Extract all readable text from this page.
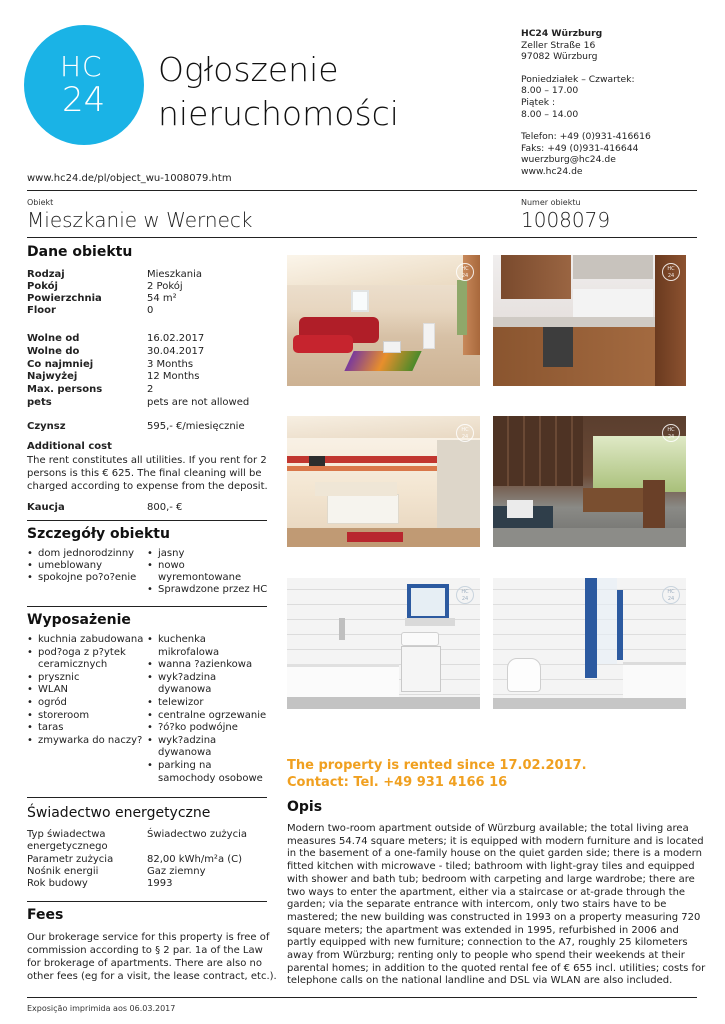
HC
24
Ogłoszenie
nieruchomości
HC24 Würzburg
Zeller Straße 16
97082 Würzburg
Poniedziałek – Czwartek:
8.00 – 17.00
Piątek :
8.00 – 14.00
Telefon: +49 (0)931-416616
Faks: +49 (0)931-416644
wuerzburg@hc24.de
www.hc24.de
www.hc24.de/pl/object_wu-1008079.htm
Obiekt	Numer obiektu
Mieszkanie w Werneck	1008079
Dane obiektu
Rodzaj	Mieszkania
Pokój	2 Pokój
Powierzchnia	54 m²
Floor	0
Wolne od	16.02.2017
Wolne do	30.04.2017
Co najmniej	3 Months
Najwyżej	12 Months
Max. persons	2
pets	pets are not allowed
Czynsz	595,- €/miesięcznie
Additional cost
The rent constitutes all utilities. If you rent for 2
persons is this € 625. The final cleaning will be
charged according to expense from the deposit.
Kaucja	800,- €
Szczegóły obiektu
• dom jednorodzinny
• umeblowany
• spokojne po?o?enie
• jasny
• nowo wyremontowane
• Sprawdzone przez HC
Wyposażenie
• kuchnia zabudowana
• pod?oga z p?ytek ceramicznych
• prysznic
• WLAN
• ogród
• storeroom
• taras
• zmywarka do naczy?
• kuchenka mikrofalowa
• wanna ?azienkowa
• wyk?adzina dywanowa
• telewizor
• centralne ogrzewanie
• ?ó?ko podwójne
• wyk?adzina dywanowa
• parking na samochody osobowe
Świadectwo energetyczne
Typ świadectwa	Świadectwo zużycia
energetycznego
Parametr zużycia	82,00 kWh/m²a (C)
Nośnik energii	Gaz ziemny
Rok budowy	1993
Fees
Our brokerage service for this property is free of
commission according to § 2 par. 1a of the Law
for brokerage of apartments. There are also no
other fees (eg for a visit, the lease contract, etc.).
HC
24
HC
24
HC
24
HC
24
HC
24
HC
24
The property is rented since 17.02.2017.
Contact: Tel. +49 931 4166 16
Opis
Modern two-room apartment outside of Würzburg available; the total living area
measures 54.74 square meters; it is equipped with modern furniture and is located
in the basement of a one-family house on the quiet garden side; there is a modern
fitted kitchen with microwave - tiled; bathroom with light-gray tiles and equipped
with shower and bath tub; bedroom with carpeting and large wardrobe; there are
two ways to enter the apartment, either via a staircase or at-grade through the
garden; via the separate entrance with intercom, only two stairs have to be
mastered; the new building was constructed in 1993 on a property measuring 720
square meters; the apartment was extended in 1995, refurbished in 2006 and
partly equipped with new furniture; connection to the A7, roughly 25 kilometers
away from Würzburg; renting only to people who spend their weekends at their
parental homes; in addition to the quoted rental fee of € 655 incl. utilities; costs for
telephone calls on the national landline and DSL via WLAN are also included.
Exposição imprimida aos 06.03.2017
